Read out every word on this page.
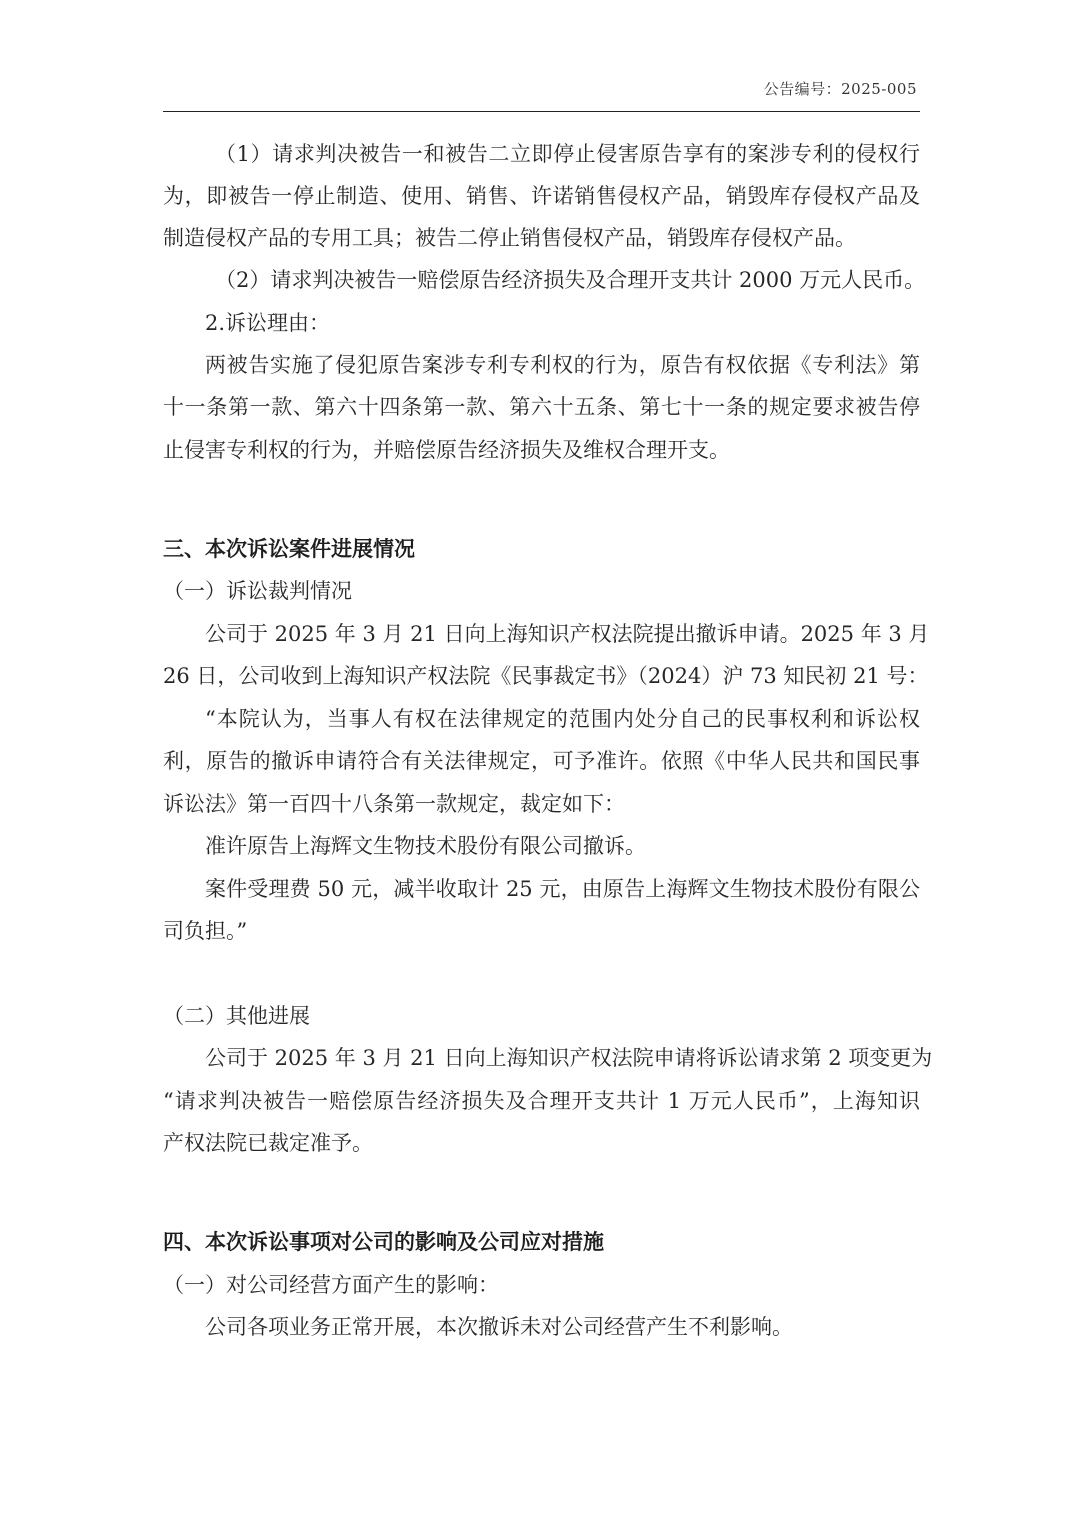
公告编号：2025-005
（1）请求判决被告一和被告二立即停止侵害原告享有的案涉专利的侵权行
为，即被告一停止制造、使用、销售、许诺销售侵权产品，销毁库存侵权产品及
制造侵权产品的专用工具；被告二停止销售侵权产品，销毁库存侵权产品。
（2）请求判决被告一赔偿原告经济损失及合理开支共计 2000 万元人民币。
2.诉讼理由：
两被告实施了侵犯原告案涉专利专利权的行为，原告有权依据《专利法》第
十一条第一款、第六十四条第一款、第六十五条、第七十一条的规定要求被告停
止侵害专利权的行为，并赔偿原告经济损失及维权合理开支。
三、本次诉讼案件进展情况
（一）诉讼裁判情况
公司于 2025 年 3 月 21 日向上海知识产权法院提出撤诉申请。2025 年 3 月
26 日，公司收到上海知识产权法院《民事裁定书》（2024）沪 73 知民初 21 号：
“本院认为，当事人有权在法律规定的范围内处分自己的民事权利和诉讼权
利，原告的撤诉申请符合有关法律规定，可予准许。依照《中华人民共和国民事
诉讼法》第一百四十八条第一款规定，裁定如下：
准许原告上海辉文生物技术股份有限公司撤诉。
案件受理费 50 元，减半收取计 25 元，由原告上海辉文生物技术股份有限公
司负担。”
（二）其他进展
公司于 2025 年 3 月 21 日向上海知识产权法院申请将诉讼请求第 2 项变更为
“请求判决被告一赔偿原告经济损失及合理开支共计 1 万元人民币”，上海知识
产权法院已裁定准予。
四、本次诉讼事项对公司的影响及公司应对措施
（一）对公司经营方面产生的影响：
公司各项业务正常开展，本次撤诉未对公司经营产生不利影响。
